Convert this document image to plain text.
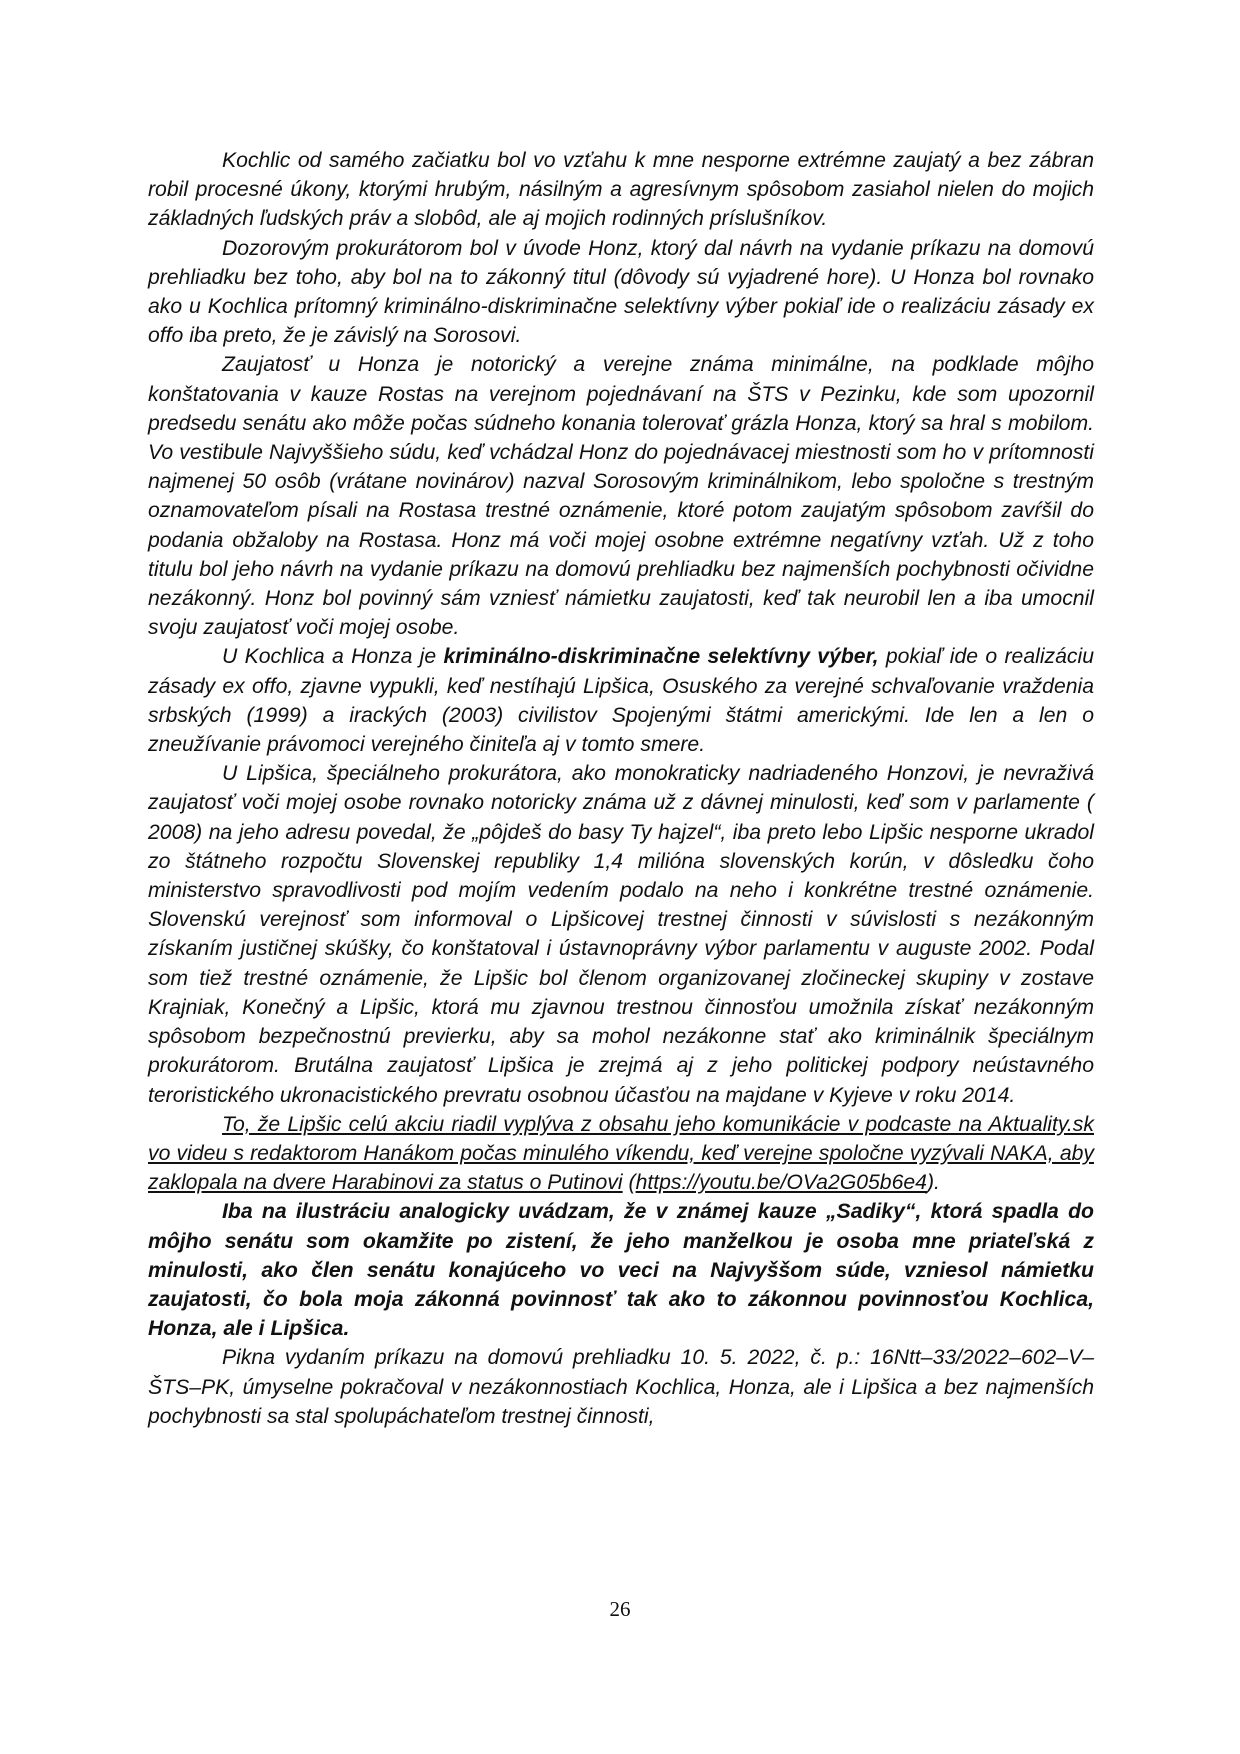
Kochlic od samého začiatku bol vo vzťahu k mne nesporne extrémne zaujatý a bez zábran robil procesné úkony, ktorými hrubým, násilným a agresívnym spôsobom zasiahol nielen do mojich základných ľudských práv a slobôd, ale aj mojich rodinných príslušníkov.

Dozorovým prokurátorom bol v úvode Honz, ktorý dal návrh na vydanie príkazu na domovú prehliadku bez toho, aby bol na to zákonný titul (dôvody sú vyjadrené hore). U Honza bol rovnako ako u Kochlica prítomný kriminálno-diskriminačne selektívny výber pokiaľ ide o realizáciu zásady ex offo iba preto, že je závislý na Sorosovi.

Zaujatosť u Honza je notorický a verejne známa minimálne, na podklade môjho konštatovania v kauze Rostas na verejnom pojednávaní na ŠTS v Pezinku, kde som upozornil predsedu senátu ako môže počas súdneho konania tolerovať grázla Honza, ktorý sa hral s mobilom. Vo vestibule Najvyššieho súdu, keď vchádzal Honz do pojednávacej miestnosti som ho v prítomnosti najmenej 50 osôb (vrátane novinárov) nazval Sorosovým kriminálnikom, lebo spoločne s trestným oznamovateľom písali na Rostasa trestné oznámenie, ktoré potom zaujatým spôsobom zavŕšil do podania obžaloby na Rostasa. Honz má voči mojej osobne extrémne negatívny vzťah. Už z toho titulu bol jeho návrh na vydanie príkazu na domovú prehliadku bez najmenších pochybnosti očividne nezákonný. Honz bol povinný sám vzniesť námietku zaujatosti, keď tak neurobil len a iba umocnil svoju zaujatosť voči mojej osobe.

U Kochlica a Honza je kriminálno-diskriminačne selektívny výber, pokiaľ ide o realizáciu zásady ex offo, zjavne vypukli, keď nestíhajú Lipšica, Osuského za verejné schvaľovanie vraždenia srbských (1999) a irackých (2003) civilistov Spojenými štátmi americkými. Ide len a len o zneužívanie právomoci verejného činiteľa aj v tomto smere.

U Lipšica, špeciálneho prokurátora, ako monokraticky nadriadeného Honzovi, je nevraživá zaujatosť voči mojej osobe rovnako notoricky známa už z dávnej minulosti, keď som v parlamente ( 2008) na jeho adresu povedal, že „pôjdeš do basy Ty hajzel“, iba preto lebo Lipšic nesporne ukradol zo štátneho rozpočtu Slovenskej republiky 1,4 milióna slovenských korún, v dôsledku čoho ministerstvo spravodlivosti pod mojím vedením podalo na neho i konkrétne trestné oznámenie. Slovenskú verejnosť som informoval o Lipšicovej trestnej činnosti v súvislosti s nezákonným získaním justičnej skúšky, čo konštatoval i ústavnoprávny výbor parlamentu v auguste 2002. Podal som tiež trestné oznámenie, že Lipšic bol členom organizovanej zločineckej skupiny v zostave Krajniak, Konečný a Lipšic, ktorá mu zjavnou trestnou činnosťou umožnila získať nezákonným spôsobom bezpečnostnú previerku, aby sa mohol nezákonne stať ako kriminálnik špeciálnym prokurátorom. Brutálna zaujatosť Lipšica je zrejmá aj z jeho politickej podpory neústavného teroristického ukronacistického prevratu osobnou účasťou na majdane v Kyjeve v roku 2014.

To, že Lipšic celú akciu riadil vyplýva z obsahu jeho komunikácie v podcaste na Aktuality.sk vo videu s redaktorom Hanákom počas minulého víkendu, keď verejne spoločne vyzývali NAKA, aby zaklopala na dvere Harabinovi za status o Putinovi (https://youtu.be/OVa2G05b6e4).

Iba na ilustráciu analogicky uvádzam, že v známej kauze „Sadiky“, ktorá spadla do môjho senátu som okamžite po zistení, že jeho manželkou je osoba mne priateľská z minulosti, ako člen senátu konajúceho vo veci na Najvyššom súde, vzniesol námietku zaujatosti, čo bola moja zákonná povinnosť tak ako to zákonnou povinnosťou Kochlica, Honza, ale i Lipšica.

Pikna vydaním príkazu na domovú prehliadku 10. 5. 2022, č. p.: 16Ntt–33/2022–602–V–ŠTS–PK, úmyselne pokračoval v nezákonnostiach Kochlica, Honza, ale i Lipšica a bez najmenších pochybnosti sa stal spolupáchateľom trestnej činnosti,

26
